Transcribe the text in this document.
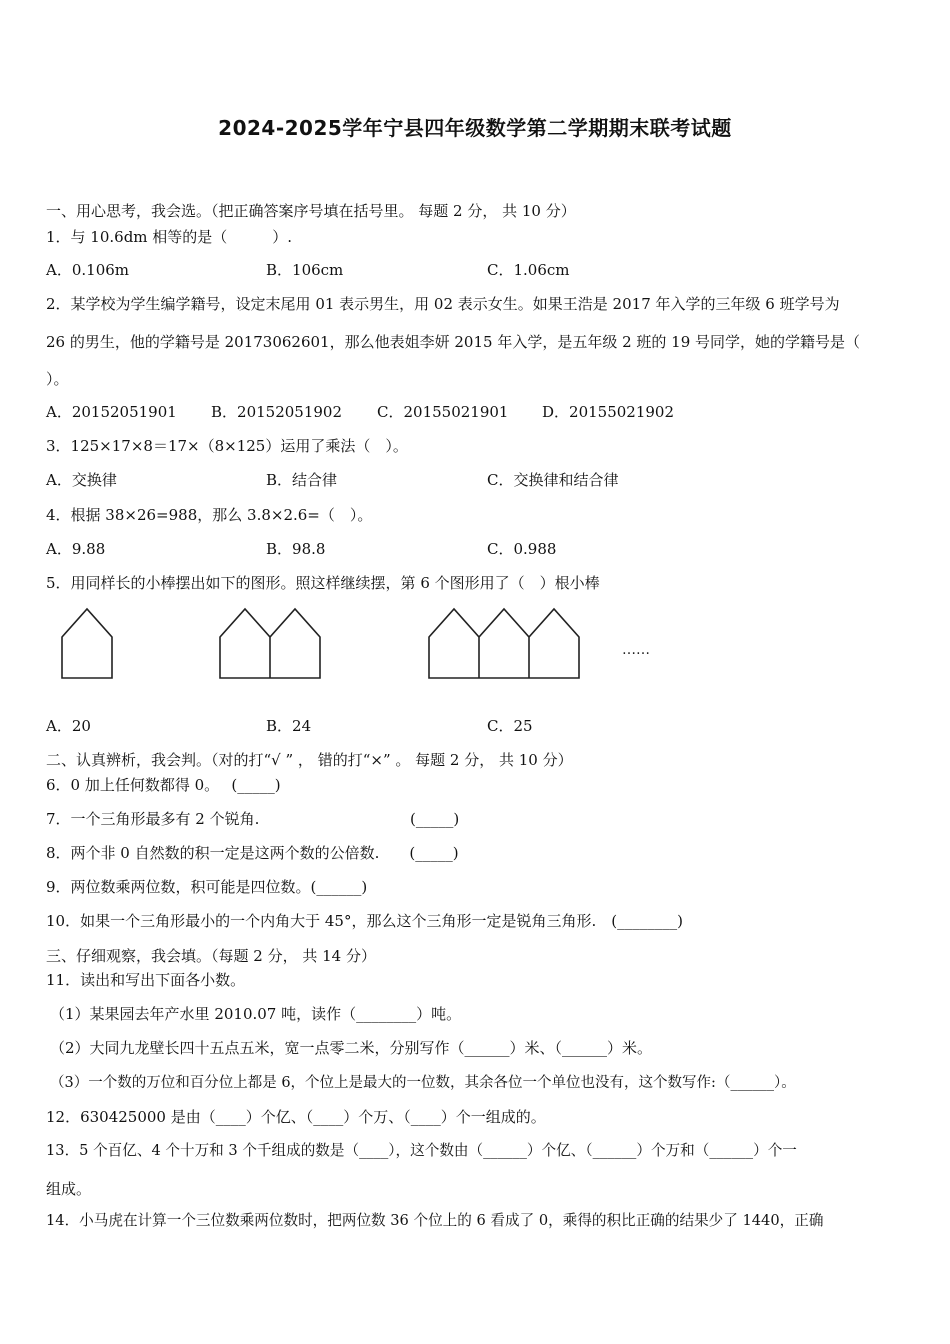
2024-2025学年宁县四年级数学第二学期期末联考试题
一、用心思考，我会选。（把正确答案序号填在括号里。 每题 2 分， 共 10 分）
1．与 10.6dm 相等的是（　　　）.
A．0.106m	B．106cm	C．1.06cm
2．某学校为学生编学籍号，设定末尾用 01 表示男生，用 02 表示女生。如果王浩是 2017 年入学的三年级 6 班学号为
26 的男生，他的学籍号是 20173062601，那么他表姐李妍 2015 年入学，是五年级 2 班的 19 号同学，她的学籍号是（
）。
A．20152051901 B．20152051902 C．20155021901 D．20155021902
3．125×17×8＝17×（8×125）运用了乘法（　）。
A．交换律	B．结合律	C．交换律和结合律
4．根据 38×26=988，那么 3.8×2.6=（　）。
A．9.88	B．98.8	C．0.988
5．用同样长的小棒摆出如下的图形。照这样继续摆，第 6 个图形用了（　）根小棒
……
A．20	B．24	C．25
二、认真辨析，我会判。（对的打“√ ” ， 错的打“×” 。 每题 2 分， 共 10 分）
6．0 加上任何数都得 0。　 (_____)
7．一个三角形最多有 2 个锐角.	(_____)
8．两个非 0 自然数的积一定是这两个数的公倍数.　　(_____)
9．两位数乘两位数，积可能是四位数。(______)
10．如果一个三角形最小的一个内角大于 45°，那么这个三角形一定是锐角三角形.　(________)
三、仔细观察，我会填。（每题 2 分， 共 14 分）
11．读出和写出下面各小数。
（1）某果园去年产水里 2010.07 吨，读作（________）吨。
（2）大同九龙壁长四十五点五米，宽一点零二米，分别写作（______）米、（______）米。
（3）一个数的万位和百分位上都是 6，个位上是最大的一位数，其余各位一个单位也没有，这个数写作:（______）。
12．630425000 是由（____）个亿、（____）个万、（____）个一组成的。
13．5 个百亿、4 个十万和 3 个千组成的数是（____），这个数由（______）个亿、（______）个万和（______）个一
组成。
14．小马虎在计算一个三位数乘两位数时，把两位数 36 个位上的 6 看成了 0，乘得的积比正确的结果少了 1440，正确
